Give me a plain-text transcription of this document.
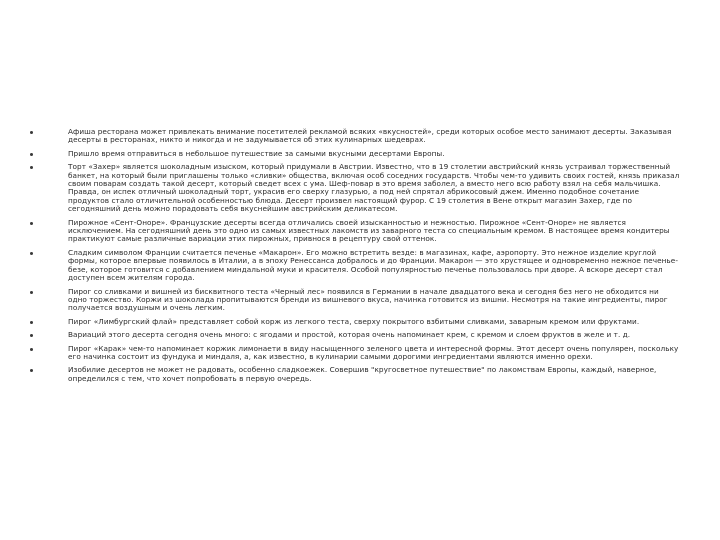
Афиша ресторана может привлекать внимание посетителей рекламой всяких «вкусностей», среди которых особое место занимают десерты. Заказывая десерты в ресторанах, никто и никогда и не задумывается об этих кулинарных шедеврах.
Пришло время отправиться в небольшое путешествие за самыми вкусными десертами Европы.
Торт «Захер» является шоколадным изыском, который придумали в Австрии. Известно, что в 19 столетии австрийский князь устраивал торжественный банкет, на который были приглашены только «сливки» общества, включая особ соседних государств. Чтобы чем-то удивить своих гостей, князь приказал своим поварам создать такой десерт, который сведет всех с ума. Шеф-повар в это время заболел, а вместо него всю работу взял на себя мальчишка. Правда, он испек отличный шоколадный торт, украсив его сверху глазурью, а под ней спрятал абрикосовый джем. Именно подобное сочетание продуктов стало отличительной особенностью блюда. Десерт произвел настоящий фурор. С 19 столетия в Вене открыт магазин Захер, где по сегодняшний день можно порадовать себя вкуснейшим австрийским деликатесом.
Пирожное «Сент-Оноре». Французские десерты всегда отличались своей изысканностью и нежностью. Пирожное «Сент-Оноре» не является исключением. На сегодняшний день это одно из самых известных лакомств из заварного теста со специальным кремом. В настоящее время кондитеры практикуют самые различные вариации этих пирожных, привнося в рецептуру свой оттенок.
Сладким символом Франции считается печенье «Макарон». Его можно встретить везде: в магазинах, кафе, аэропорту. Это нежное изделие круглой формы, которое впервые появилось в Италии, а в эпоху Ренессанса добралось и до Франции. Макарон — это хрустящее и одновременно нежное печенье-безе, которое готовится с добавлением миндальной муки и красителя. Особой популярностью печенье пользовалось при дворе. А вскоре десерт стал доступен всем жителям города.
Пирог со сливками и вишней из бисквитного теста «Черный лес» появился в Германии в начале двадцатого века и сегодня без него не обходится ни одно торжество. Коржи из шоколада пропитываются бренди из вишневого вкуса, начинка готовится из вишни. Несмотря на такие ингредиенты, пирог получается воздушным и очень легким.
Пирог «Лимбургский флай» представляет собой корж из легкого теста, сверху покрытого взбитыми сливками, заварным кремом или фруктами.
Вариаций этого десерта сегодня очень много: с ягодами и простой, которая очень напоминает крем, с кремом и слоем фруктов в желе и т. д.
Пирог «Карак» чем-то напоминает коржик лимонаети в виду насыщенного зеленого цвета и интересной формы. Этот десерт очень популярен, поскольку его начинка состоит из фундука и миндаля, а, как известно, в кулинарии самыми дорогими ингредиентами являются именно орехи.
Изобилие десертов не может не радовать, особенно сладкоежек. Совершив "кругосветное путешествие" по лакомствам Европы, каждый, наверное, определился с тем, что хочет попробовать в первую очередь.
